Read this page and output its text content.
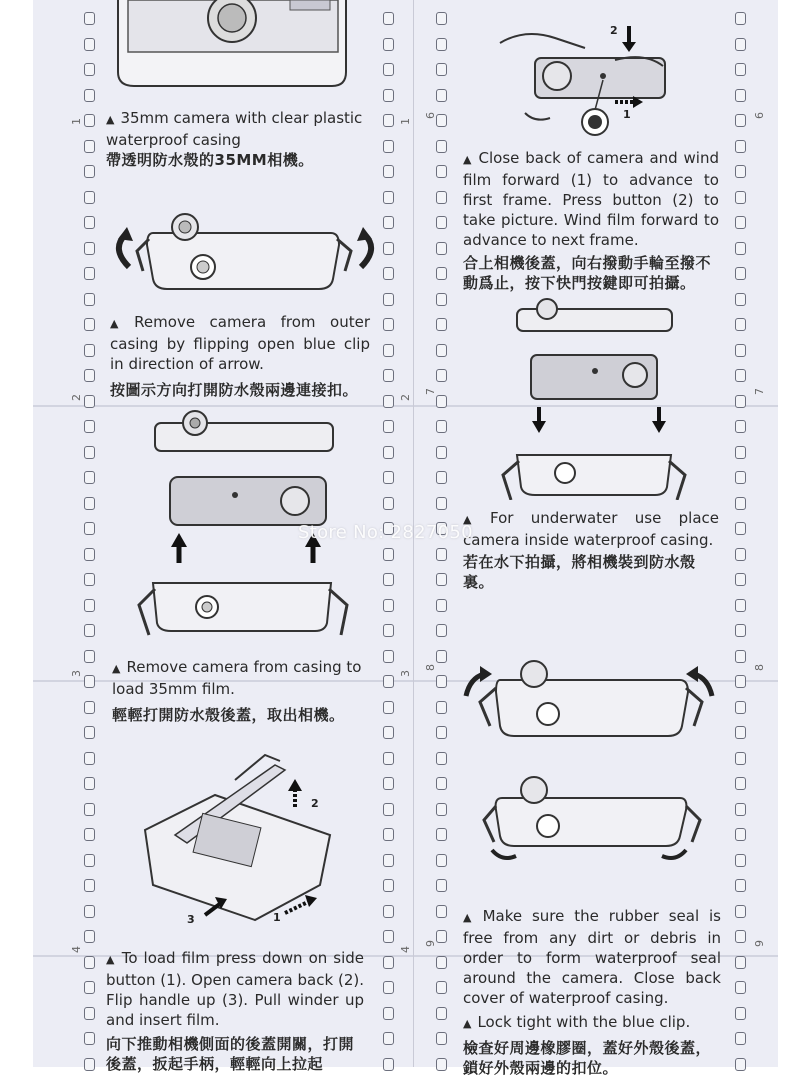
1
2
3
4
1
2
3
4
6
7
8
9
6
7
8
9
2
3	1
2
1
▲ 35mm camera with clear plastic waterproof casing
帶透明防水殼的35MM相機。
▲ Remove camera from outer casing by flipping open blue clip in direction of arrow.
按圖示方向打開防水殼兩邊連接扣。
▲ Remove camera from casing to load 35mm film.
輕輕打開防水殼後蓋，取出相機。
▲ To load film press down on side button (1). Open camera back (2). Flip handle up (3). Pull winder up and insert film.
向下推動相機側面的後蓋開關，打開後蓋，扳起手柄，輕輕向上拉起
▲ Close back of camera and wind film forward (1) to advance to first frame. Press button (2) to take picture. Wind film forward to advance to next frame.
合上相機後蓋，向右撥動手輪至撥不動爲止，按下快門按鍵即可拍攝。
▲ For underwater use place camera inside waterproof casing.
若在水下拍攝，將相機裝到防水殼裏。
▲ Make sure the rubber seal is free from any dirt or debris in order to form waterproof seal around the camera. Close back cover of waterproof casing.
▲ Lock tight with the blue clip.
檢查好周邊橡膠圈，蓋好外殼後蓋，鎖好外殼兩邊的扣位。
Store No: 2827050
